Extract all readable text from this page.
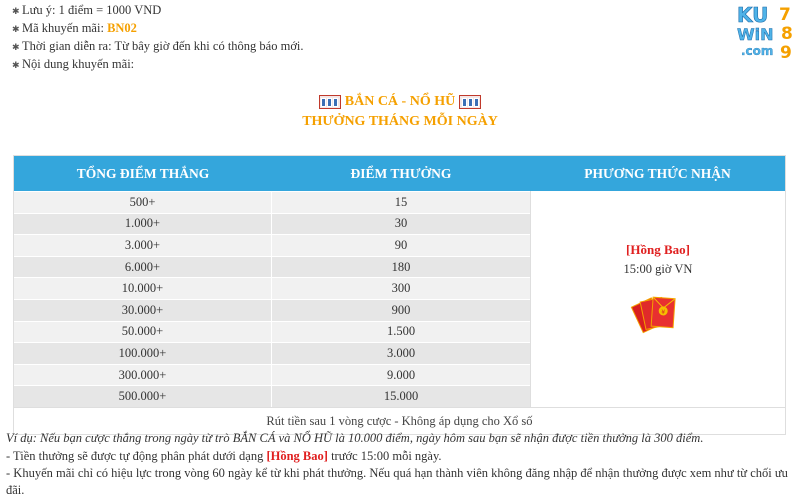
✱ Lưu ý: 1 điểm = 1000 VND
✱ Mã khuyến mãi: BN02
✱ Thời gian diễn ra: Từ bây giờ đến khi có thông báo mới.
✱ Nội dung khuyến mãi:
KU 7
WiN 8
.com 9
BẮN CÁ - NỔ HŨ
THƯỞNG THÁNG MỖI NGÀY
TỔNG ĐIỂM THẮNG	ĐIỂM THƯỞNG	PHƯƠNG THỨC NHẬN
500+	15
1.000+	30
3.000+	90
6.000+	180
10.000+	300
30.000+	900
50.000+	1.500
100.000+	3.000
300.000+	9.000
500.000+	15.000
[Hồng Bao]
15:00 giờ VN
¥
Rút tiền sau 1 vòng cược - Không áp dụng cho Xổ số
Ví dụ: Nếu bạn cược thắng trong ngày từ trò BẮN CÁ và NỔ HŨ là 10.000 điểm, ngày hôm sau bạn sẽ nhận được tiền thưởng là 300 điểm.
- Tiền thưởng sẽ được tự động phân phát dưới dạng [Hồng Bao] trước 15:00 mỗi ngày.
- Khuyến mãi chỉ có hiệu lực trong vòng 60 ngày kể từ khi phát thưởng. Nếu quá hạn thành viên không đăng nhập để nhận thưởng được xem như từ chối ưu đãi.
